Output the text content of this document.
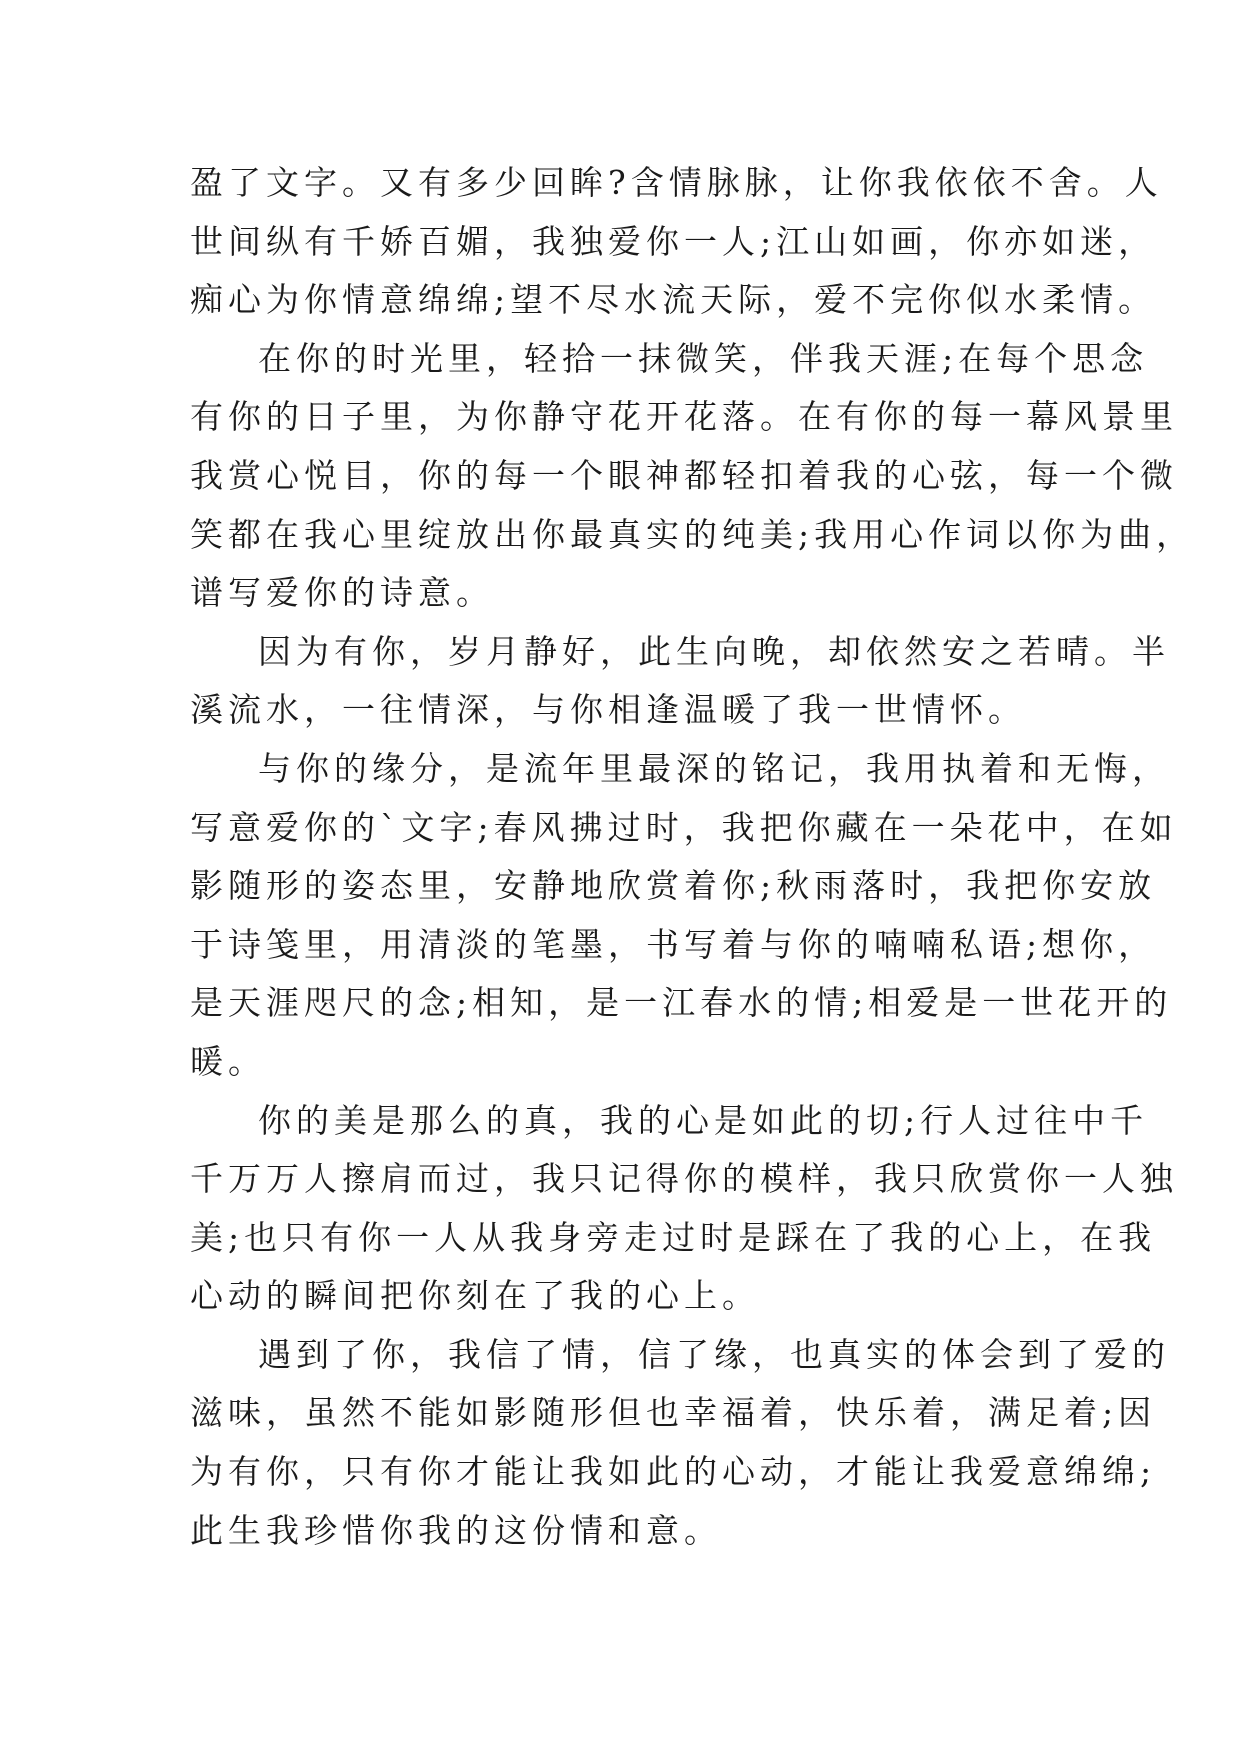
盈了文字。又有多少回眸?含情脉脉，让你我依依不舍。人
世间纵有千娇百媚，我独爱你一人;江山如画，你亦如迷，
痴心为你情意绵绵;望不尽水流天际，爱不完你似水柔情。
在你的时光里，轻拾一抹微笑，伴我天涯;在每个思念
有你的日子里，为你静守花开花落。在有你的每一幕风景里
我赏心悦目，你的每一个眼神都轻扣着我的心弦，每一个微
笑都在我心里绽放出你最真实的纯美;我用心作词以你为曲，
谱写爱你的诗意。
因为有你，岁月静好，此生向晚，却依然安之若晴。半
溪流水，一往情深，与你相逢温暖了我一世情怀。
与你的缘分，是流年里最深的铭记，我用执着和无悔，
写意爱你的`文字;春风拂过时，我把你藏在一朵花中，在如
影随形的姿态里，安静地欣赏着你;秋雨落时，我把你安放
于诗笺里，用清淡的笔墨，书写着与你的喃喃私语;想你，
是天涯咫尺的念;相知，是一江春水的情;相爱是一世花开的
暖。
你的美是那么的真，我的心是如此的切;行人过往中千
千万万人擦肩而过，我只记得你的模样，我只欣赏你一人独
美;也只有你一人从我身旁走过时是踩在了我的心上，在我
心动的瞬间把你刻在了我的心上。
遇到了你，我信了情，信了缘，也真实的体会到了爱的
滋味，虽然不能如影随形但也幸福着，快乐着，满足着;因
为有你，只有你才能让我如此的心动，才能让我爱意绵绵;
此生我珍惜你我的这份情和意。
